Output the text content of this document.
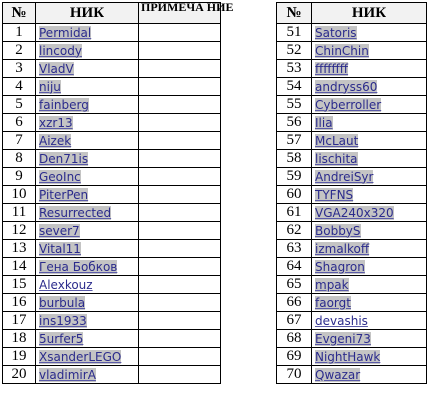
№	НИК	ПРИМЕЧА НИЕ

1	Permidal	
2	lincody	
3	VladV	
4	niju	
5	fainberg	
6	xzr13	
7	Aizek	
8	Den71is	
9	GeoInc	
10	PiterPen	
11	Resurrected	
12	sever7	
13	Vital11	
14	Гена Бобков	
15	Alexkouz	
16	burbula	
17	ins1933	
18	5urfer5	
19	XsanderLEGO	
20	vladimirA	
№	НИК
51	Satoris
52	ChinChin
53	ffffffff
54	andryss60
55	Cyberroller
56	Ilia
57	McLaut
58	lischita
59	AndreiSyr
60	TYFNS
61	VGA240x320
62	BobbyS
63	izmalkoff
64	Shagron
65	mpak
66	faorgt
67	devashis
68	Evgeni73
69	NightHawk
70	Qwazar
